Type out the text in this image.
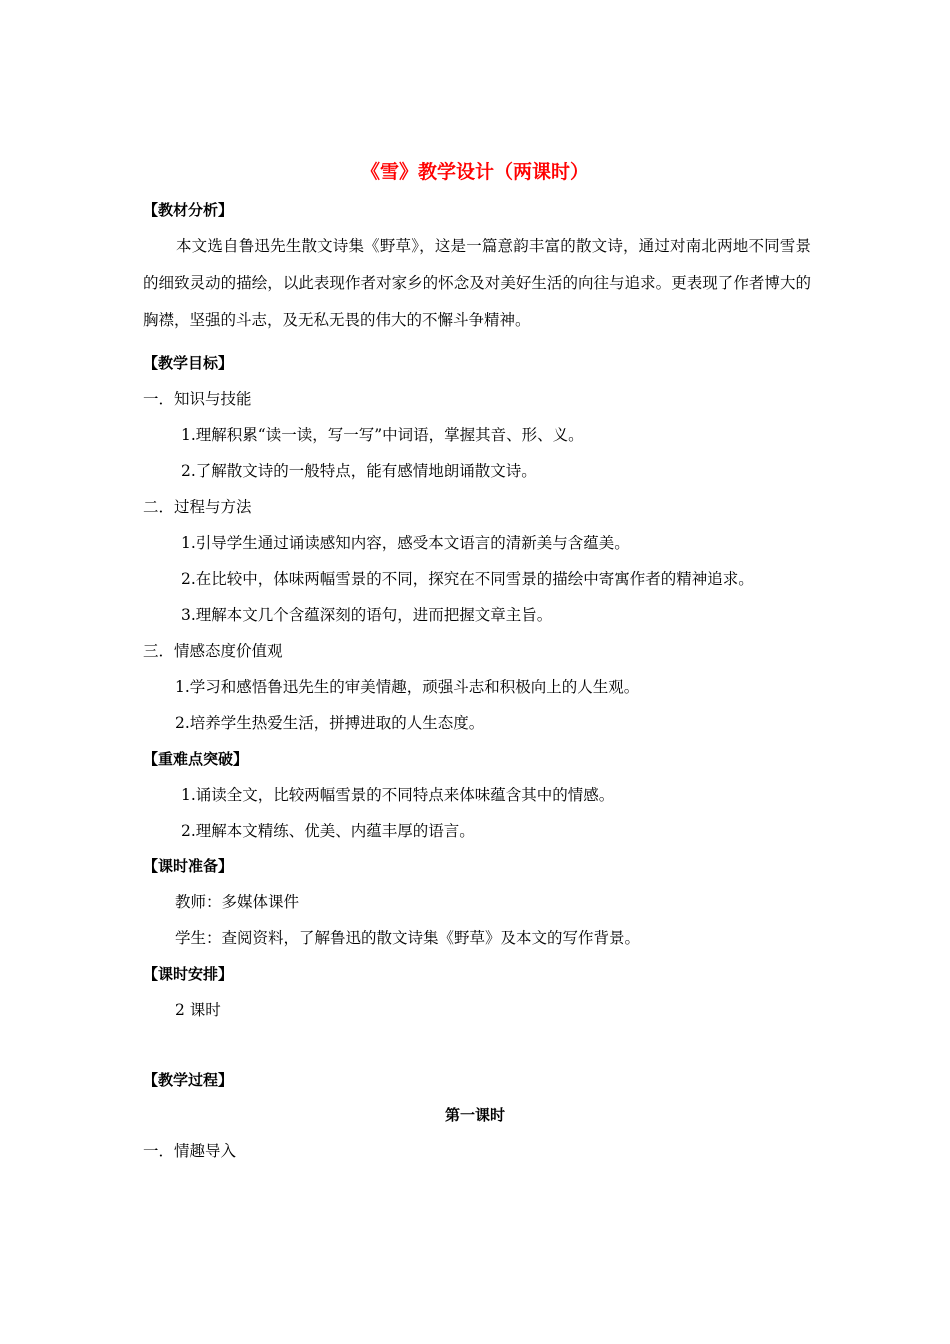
《雪》教学设计（两课时）
【教材分析】
本文选自鲁迅先生散文诗集《野草》，这是一篇意韵丰富的散文诗，通过对南北两地不同雪景的细致灵动的描绘，以此表现作者对家乡的怀念及对美好生活的向往与追求。更表现了作者博大的胸襟，坚强的斗志，及无私无畏的伟大的不懈斗争精神。
【教学目标】
一．知识与技能
1.理解积累“读一读，写一写”中词语，掌握其音、形、义。
2.了解散文诗的一般特点，能有感情地朗诵散文诗。
二．过程与方法
1.引导学生通过诵读感知内容，感受本文语言的清新美与含蕴美。
2.在比较中，体味两幅雪景的不同，探究在不同雪景的描绘中寄寓作者的精神追求。
3.理解本文几个含蕴深刻的语句，进而把握文章主旨。
三．情感态度价值观
1.学习和感悟鲁迅先生的审美情趣，顽强斗志和积极向上的人生观。
2.培养学生热爱生活，拼搏进取的人生态度。
【重难点突破】
1.诵读全文，比较两幅雪景的不同特点来体味蕴含其中的情感。
2.理解本文精练、优美、内蕴丰厚的语言。
【课时准备】
教师：多媒体课件
学生：查阅资料，了解鲁迅的散文诗集《野草》及本文的写作背景。
【课时安排】
2 课时
【教学过程】
第一课时
一．情趣导入
